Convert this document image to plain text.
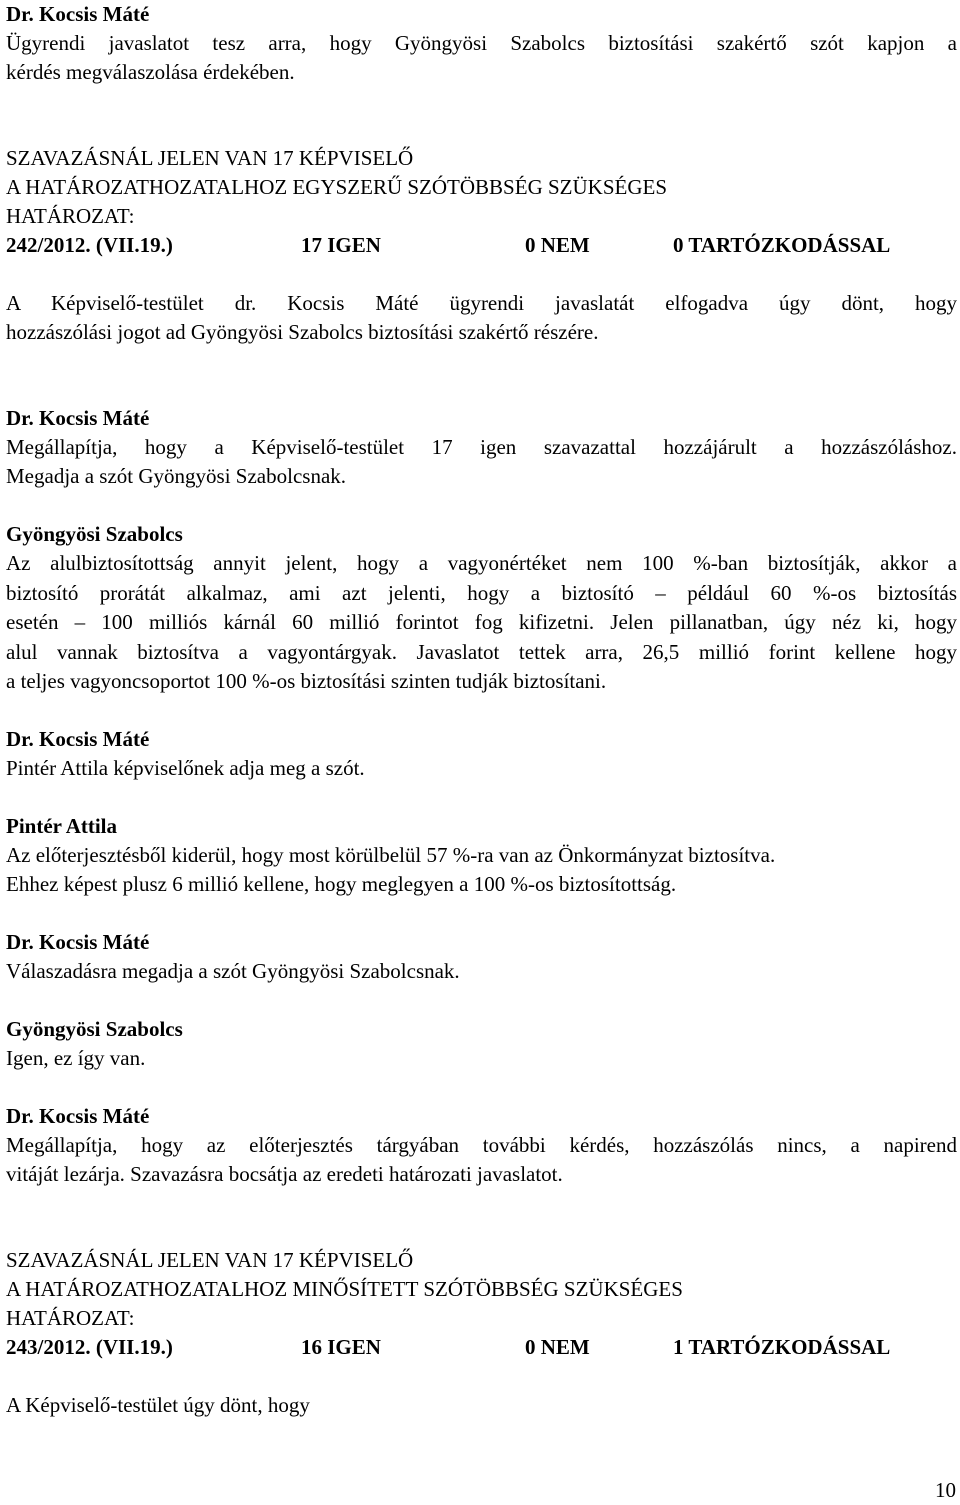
Dr. Kocsis Máté
Ügyrendi javaslatot tesz arra, hogy Gyöngyösi Szabolcs biztosítási szakértő szót kapjon a
kérdés megválaszolása érdekében.
SZAVAZÁSNÁL JELEN VAN 17 KÉPVISELŐ
A HATÁROZATHOZATALHOZ EGYSZERŰ SZÓTÖBBSÉG SZÜKSÉGES
HATÁROZAT:
242/2012. (VII.19.)	17 IGEN	0 NEM	0 TARTÓZKODÁSSAL
A Képviselő-testület dr. Kocsis Máté ügyrendi javaslatát elfogadva úgy dönt, hogy
hozzászólási jogot ad Gyöngyösi Szabolcs biztosítási szakértő részére.
Dr. Kocsis Máté
Megállapítja, hogy a Képviselő-testület 17 igen szavazattal hozzájárult a hozzászóláshoz.
Megadja a szót Gyöngyösi Szabolcsnak.
Gyöngyösi Szabolcs
Az alulbiztosítottság annyit jelent, hogy a vagyonértéket nem 100 %-ban biztosítják, akkor a
biztosító prorátát alkalmaz, ami azt jelenti, hogy a biztosító – például 60 %-os biztosítás
esetén – 100 milliós kárnál 60 millió forintot fog kifizetni. Jelen pillanatban, úgy néz ki, hogy
alul vannak biztosítva a vagyontárgyak. Javaslatot tettek arra, 26,5 millió forint kellene hogy
a teljes vagyoncsoportot 100 %-os biztosítási szinten tudják biztosítani.
Dr. Kocsis Máté
Pintér Attila képviselőnek adja meg a szót.
Pintér Attila
Az előterjesztésből kiderül, hogy most körülbelül 57 %-ra van az Önkormányzat biztosítva.
Ehhez képest plusz 6 millió kellene, hogy meglegyen a 100 %-os biztosítottság.
Dr. Kocsis Máté
Válaszadásra megadja a szót Gyöngyösi Szabolcsnak.
Gyöngyösi Szabolcs
Igen, ez így van.
Dr. Kocsis Máté
Megállapítja, hogy az előterjesztés tárgyában további kérdés, hozzászólás nincs, a napirend
vitáját lezárja. Szavazásra bocsátja az eredeti határozati javaslatot.
SZAVAZÁSNÁL JELEN VAN 17 KÉPVISELŐ
A HATÁROZATHOZATALHOZ MINŐSÍTETT SZÓTÖBBSÉG SZÜKSÉGES
HATÁROZAT:
243/2012. (VII.19.)	16 IGEN	0 NEM	1 TARTÓZKODÁSSAL
A Képviselő-testület úgy dönt, hogy
10
